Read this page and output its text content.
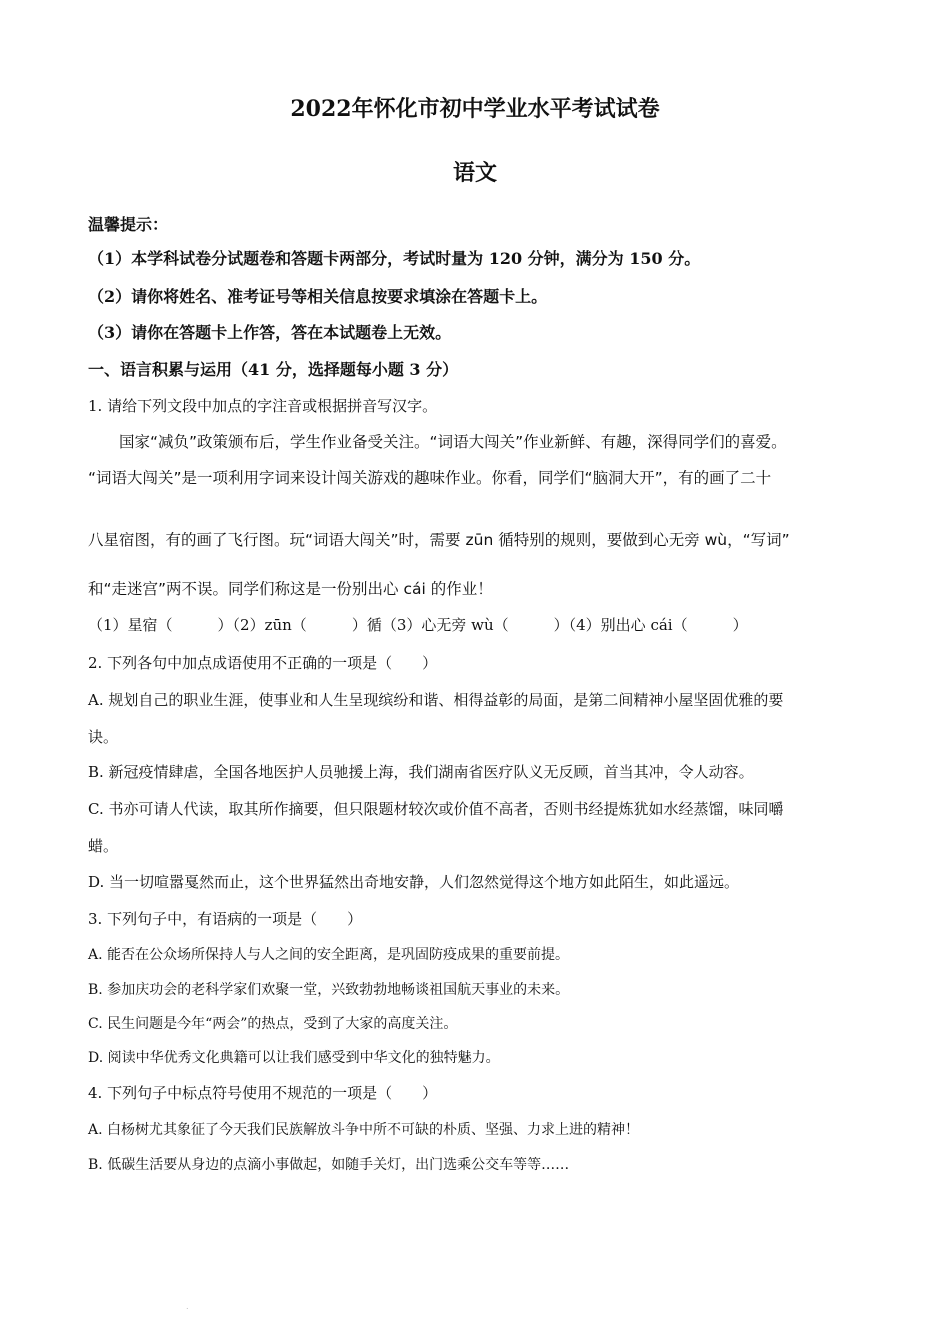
2022年怀化市初中学业水平考试试卷
语文
温馨提示：
（1）本学科试卷分试题卷和答题卡两部分，考试时量为 120 分钟，满分为 150 分。
（2）请你将姓名、准考证号等相关信息按要求填涂在答题卡上。
（3）请你在答题卡上作答，答在本试题卷上无效。
一、语言积累与运用（41 分，选择题每小题 3 分）
1. 请给下列文段中加点的字注音或根据拼音写汉字。
　　国家“减负”政策颁布后，学生作业备受关注。“词语大闯关”作业新鲜、有趣，深得同学们的喜爱。
“词语大闯关”是一项利用字词来设计闯关游戏的趣味作业。你看，同学们“脑洞大开”，有的画了二十
八星宿图，有的画了飞行图。玩“词语大闯关”时，需要 zūn 循特别的规则，要做到心无旁 wù，“写词”
和“走迷宫”两不误。同学们称这是一份别出心 cái 的作业！
（1）星宿（　　　）（2）zūn（　　　）循（3）心无旁 wù（　　　）（4）别出心 cái（　　　）
2. 下列各句中加点成语使用不正确的一项是（　　）
A. 规划自己的职业生涯，使事业和人生呈现缤纷和谐、相得益彰的局面，是第二间精神小屋坚固优雅的要
诀。
B. 新冠疫情肆虐，全国各地医护人员驰援上海，我们湖南省医疗队义无反顾，首当其冲，令人动容。
C. 书亦可请人代读，取其所作摘要，但只限题材较次或价值不高者，否则书经提炼犹如水经蒸馏，味同嚼
蜡。
D. 当一切喧嚣戛然而止，这个世界猛然出奇地安静，人们忽然觉得这个地方如此陌生，如此遥远。
3. 下列句子中，有语病的一项是（　　）
A. 能否在公众场所保持人与人之间的安全距离，是巩固防疫成果的重要前提。
B. 参加庆功会的老科学家们欢聚一堂，兴致勃勃地畅谈祖国航天事业的未来。
C. 民生问题是今年“两会”的热点，受到了大家的高度关注。
D. 阅读中华优秀文化典籍可以让我们感受到中华文化的独特魅力。
4. 下列句子中标点符号使用不规范的一项是（　　）
A. 白杨树尤其象征了今天我们民族解放斗争中所不可缺的朴质、坚强、力求上进的精神！
B. 低碳生活要从身边的点滴小事做起，如随手关灯，出门选乘公交车等等……
.
